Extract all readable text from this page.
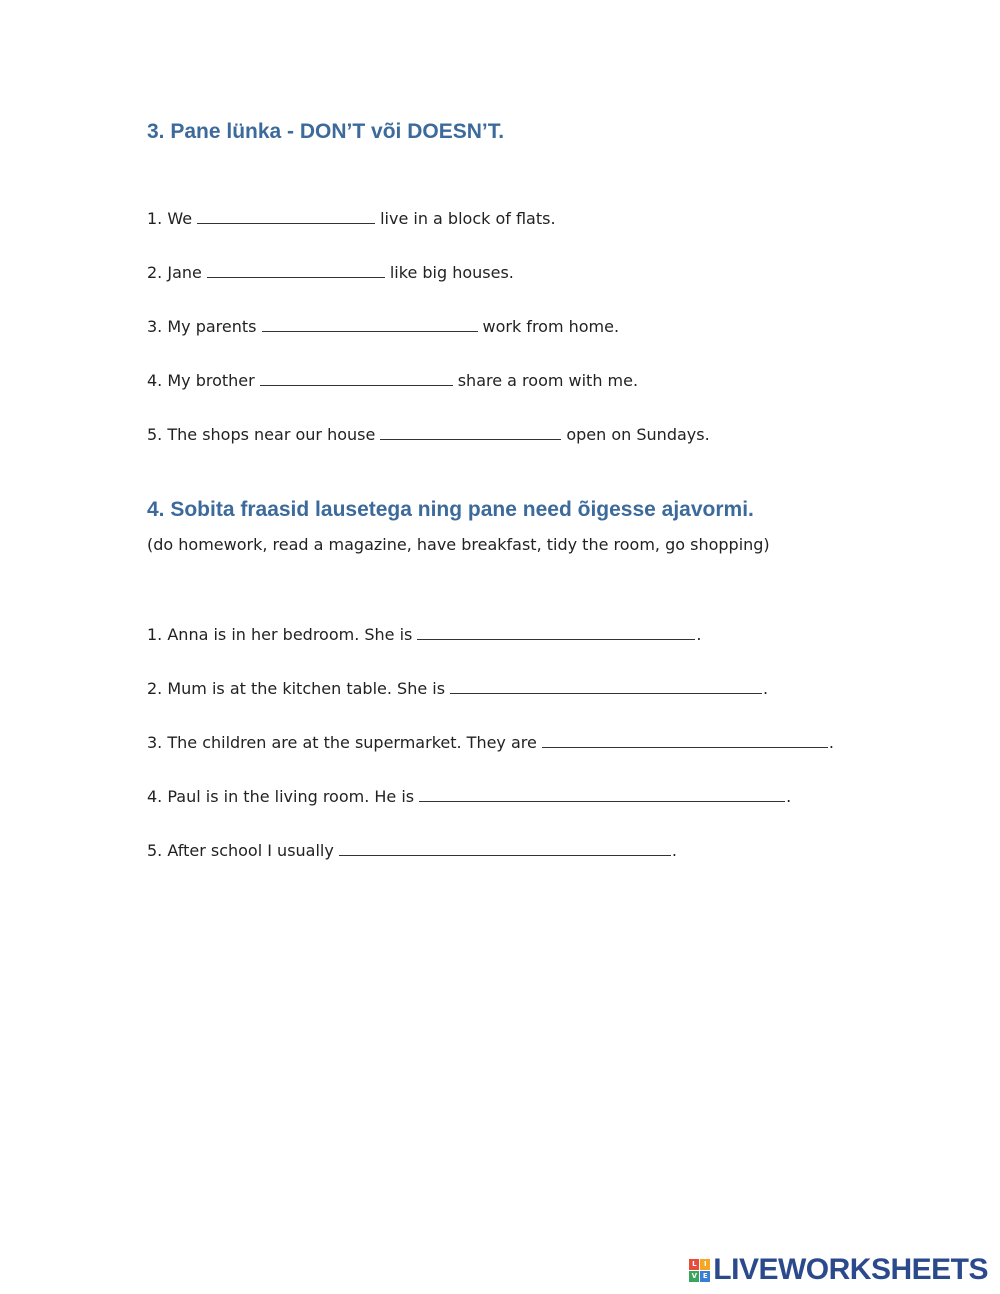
3. Pane lünka - DON’T või DOESN’T.

1. We	live in a block of flats.

2. Jane	like big houses.

3. My parents	work from home.

4. My brother	share a room with me.

5. The shops near our house	open on Sundays.

4. Sobita fraasid lausetega ning pane need õigesse ajavormi.

(do homework, read a magazine, have breakfast, tidy the room, go shopping)

1. Anna is in her bedroom. She is	.

2. Mum is at the kitchen table. She is	.

3. The children are at the supermarket. They are	.

4. Paul is in the living room. He is	.

5. After school I usually	.

L	I
V E LIVEWORKSHEETS
